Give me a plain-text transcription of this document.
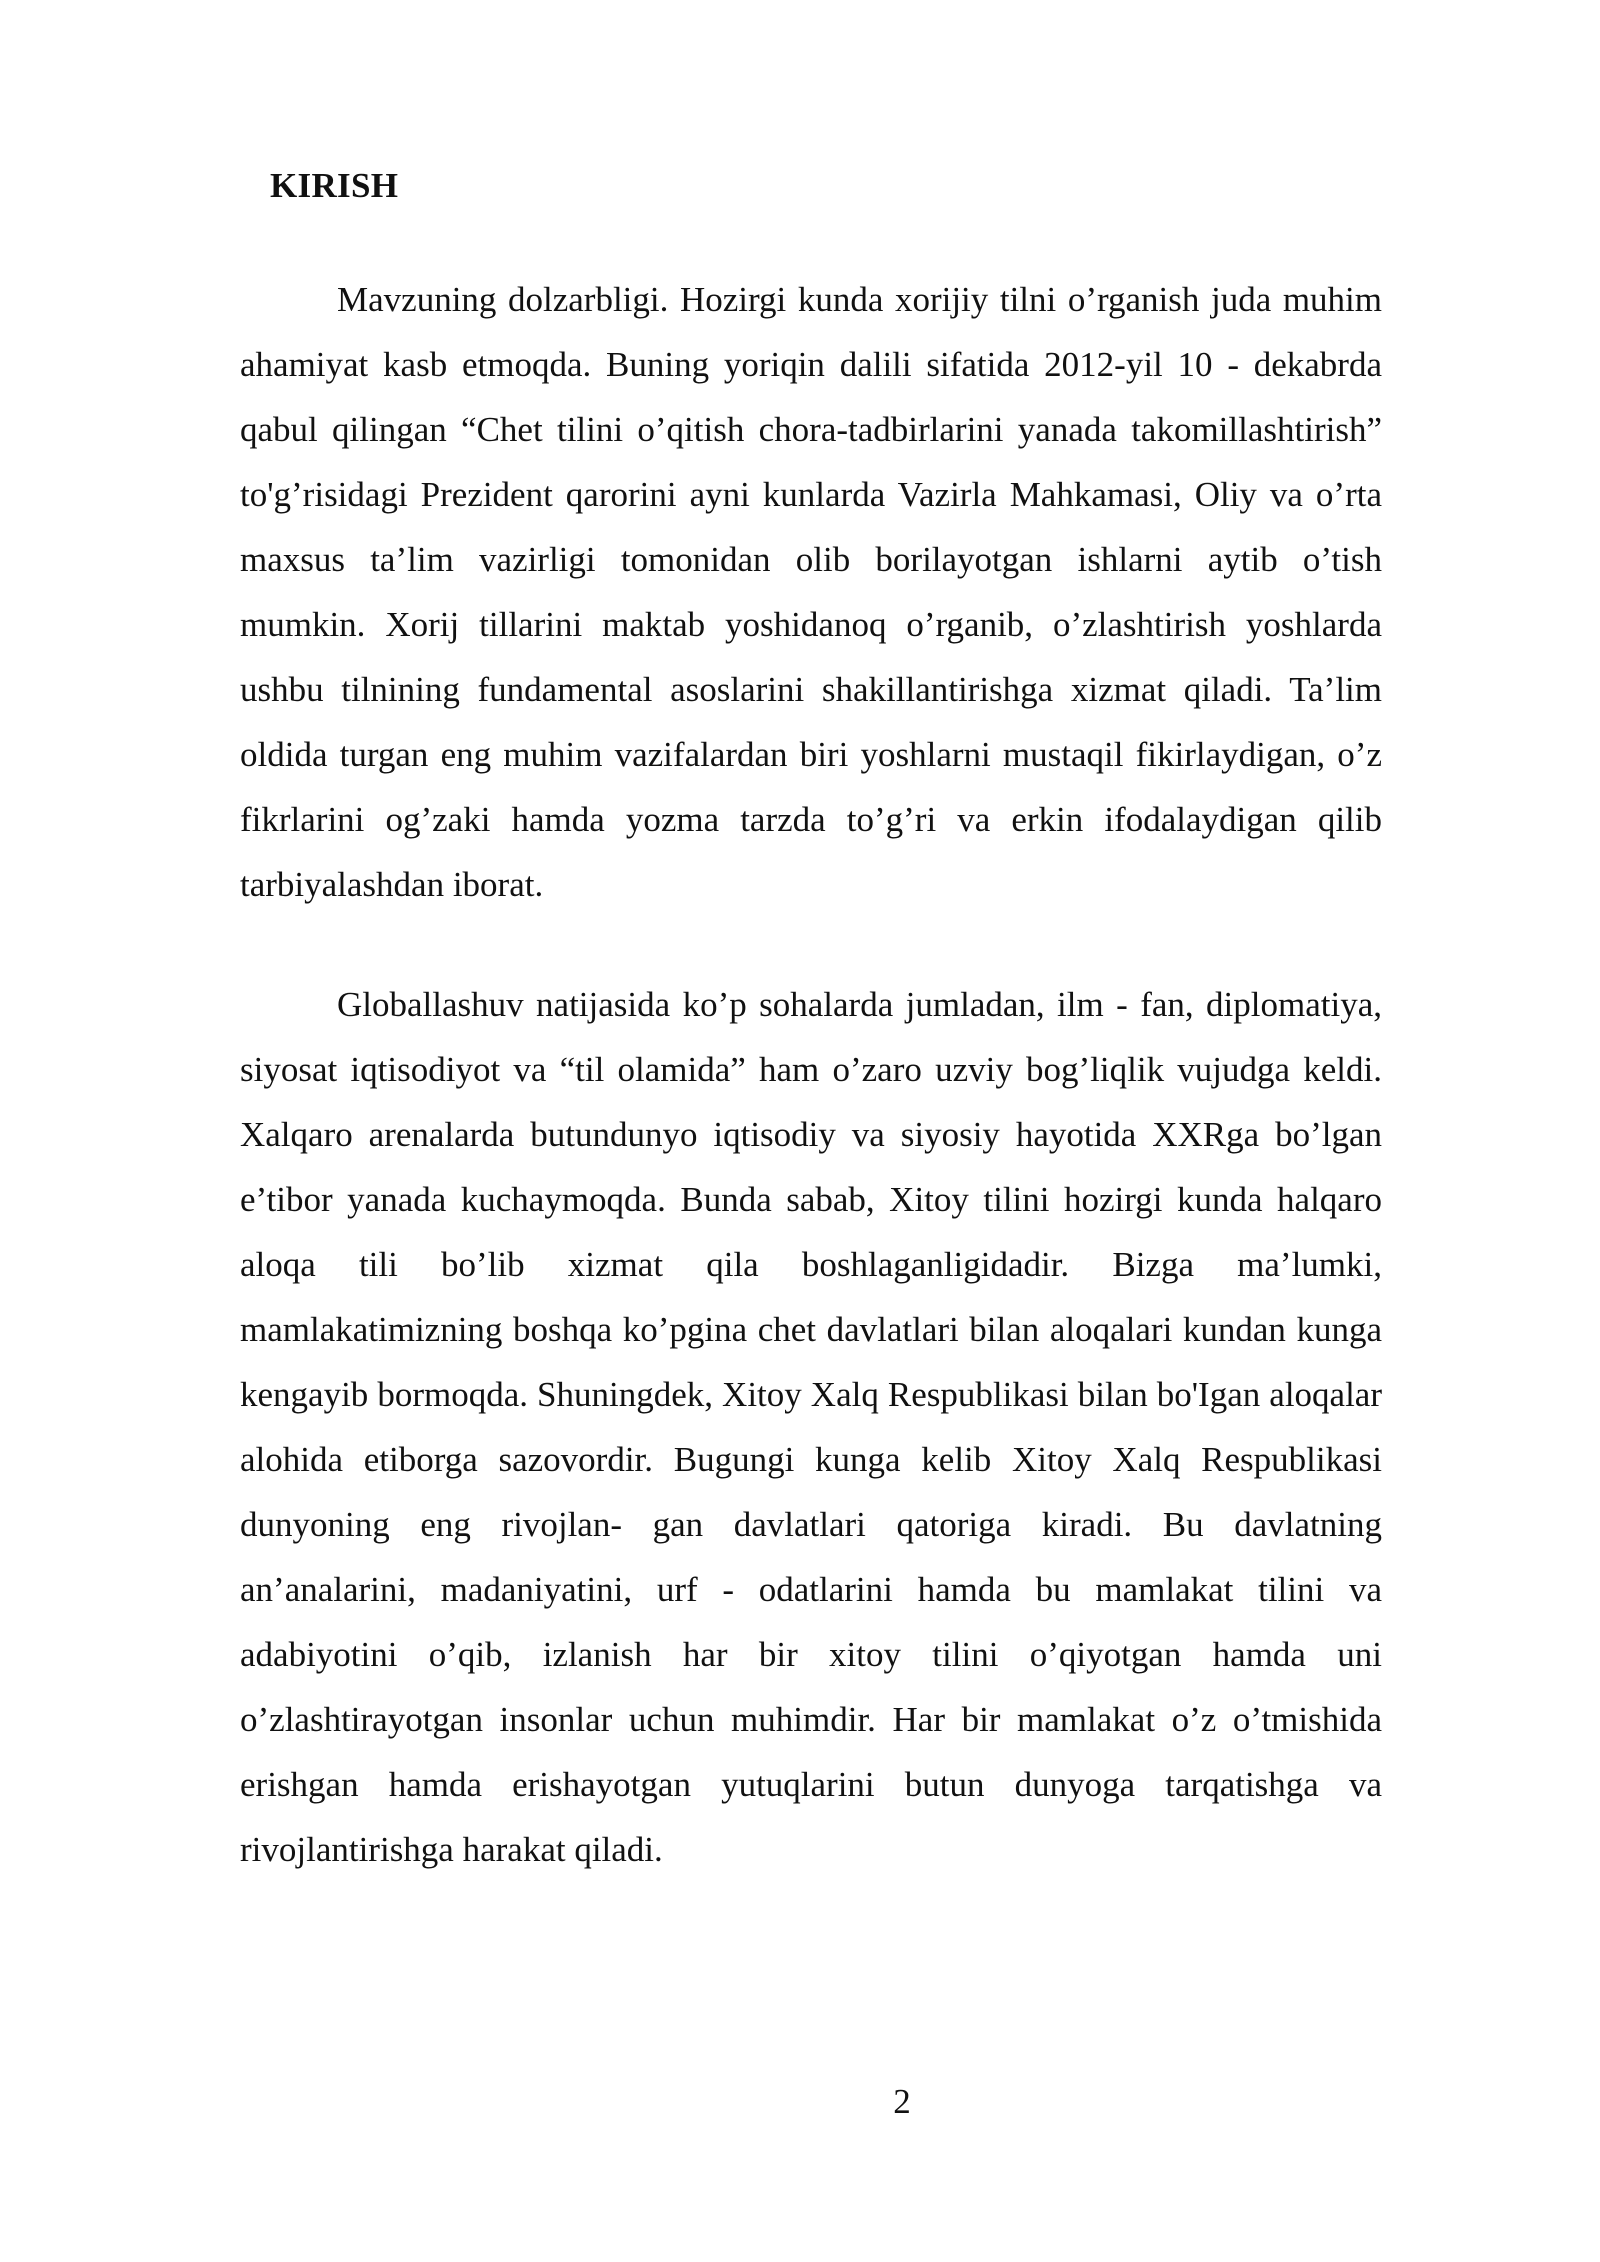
KIRISH

Mavzuning dolzarbligi. Hozirgi kunda xorijiy tilni o’rganish juda muhim ahamiyat kasb etmoqda. Buning yoriqin dalili sifatida 2012-yil 10 - dekabrda qabul qilingan “Chet tilini o’qitish chora-tadbirlarini yanada takomillashtirish” to'g’risidagi Prezident qarorini ayni kunlarda Vazirla Mahkamasi, Oliy va o’rta maxsus ta’lim vazirligi tomonidan olib borilayotgan ishlarni aytib o’tish mumkin. Xorij tillarini maktab yoshidanoq o’rganib, o’zlashtirish yoshlarda ushbu tilnining fundamental asoslarini shakillantirishga xizmat qiladi. Ta’lim oldida turgan eng muhim vazifalardan biri yoshlarni mustaqil fikirlaydigan, o’z fikrlarini og’zaki hamda yozma tarzda to’g’ri va erkin ifodalaydigan qilib tarbiyalashdan iborat.

Globallashuv natijasida ko’p sohalarda jumladan, ilm - fan, diplomatiya, siyosat iqtisodiyot va “til olamida” ham o’zaro uzviy bog’liqlik vujudga keldi. Xalqaro arenalarda butundunyo iqtisodiy va siyosiy hayotida XXRga bo’lgan e’tibor yanada kuchaymoqda. Bunda sabab, Xitoy tilini hozirgi kunda halqaro aloqa tili bo’lib xizmat qila boshlaganligidadir. Bizga ma’lumki, mamlakatimizning boshqa ko’pgina chet davlatlari bilan aloqalari kundan kunga kengayib bormoqda. Shuningdek, Xitoy Xalq Respublikasi bilan bo'Igan aloqalar alohida etiborga sazovordir. Bugungi kunga kelib Xitoy Xalq Respublikasi dunyoning eng rivojlan- gan davlatlari qatoriga kiradi. Bu davlatning an’analarini, madaniyatini, urf - odatlarini hamda bu mamlakat tilini va adabiyotini o’qib, izlanish har bir xitoy tilini o’qiyotgan hamda uni o’zlashtirayotgan insonlar uchun muhimdir. Har bir mamlakat o’z o’tmishida erishgan hamda erishayotgan yutuqlarini butun dunyoga tarqatishga va rivojlantirishga harakat qiladi.

2
